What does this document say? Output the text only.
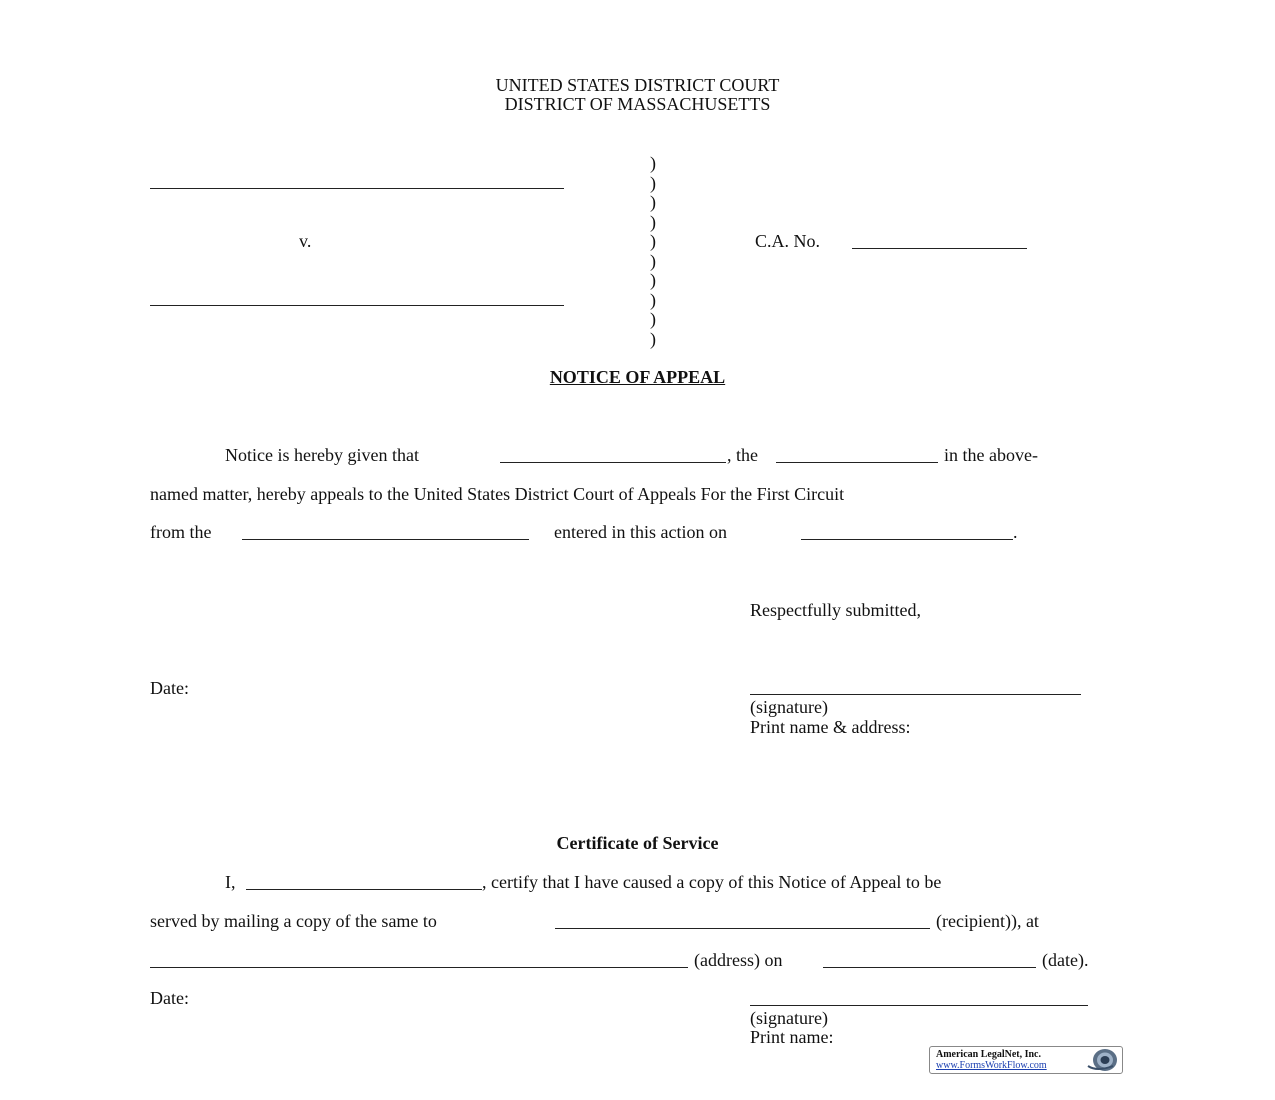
UNITED STATES DISTRICT COURT
DISTRICT OF MASSACHUSETTS
v.
)
)
)
)
)
)
)
)
)
)
C.A. No.
NOTICE OF APPEAL
Notice is hereby given that	, the	in the above-
named matter, hereby appeals to the United States District Court of Appeals For the First Circuit
from the	entered in this action on	.
Respectfully submitted,
Date:
(signature)
Print name & address:
Certificate of Service
I,	, certify that I have caused a copy of this Notice of Appeal to be
served by mailing a copy of the same to	(recipient)), at
(address) on	(date).
Date:
(signature)
Print name:
American LegalNet, Inc.
www.FormsWorkFlow.com
